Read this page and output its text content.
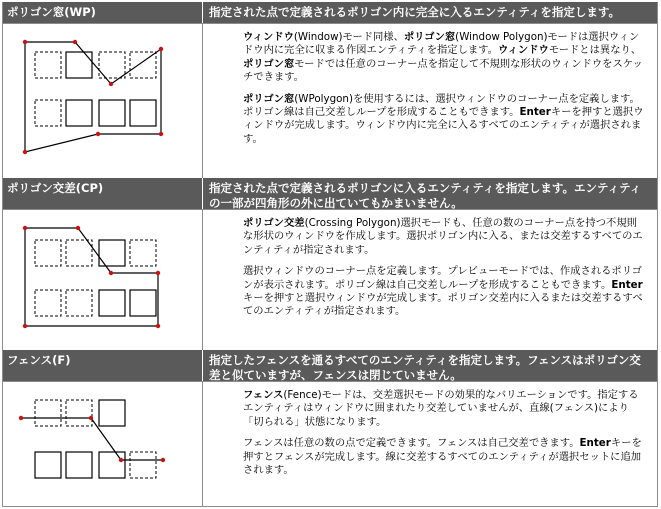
ポリゴン窓(WP)	指定された点で定義されるポリゴン内に完全に入るエンティティを指定します。

ウィンドウ(Window)モード同様、ポリゴン窓(Window Polygon)モードは選択ウィンドウ内に完全に収まる作図エンティティを指定します。ウィンドウモードとは異なり、ポリゴン窓モードでは任意のコーナー点を指定して不規則な形状のウィンドウをスケッチできます。

ポリゴン窓(WPolygon)を使用するには、選択ウィンドウのコーナー点を定義します。ポリゴン線は自己交差しループを形成することもできます。Enterキーを押すと選択ウィンドウが完成します。ウィンドウ内に完全に入るすべてのエンティティが選択されます。

ポリゴン交差(CP)	指定された点で定義されるポリゴンに入るエンティティを指定します。エンティティの一部が四角形の外に出ていてもかまいません。

ポリゴン交差(Crossing Polygon)選択モードも、任意の数のコーナー点を持つ不規則な形状のウィンドウを作成します。選択ポリゴン内に入る、または交差するすべてのエンティティが指定されます。

選択ウィンドウのコーナー点を定義します。プレビューモードでは、作成されるポリゴンが表示されます。ポリゴン線は自己交差しループを形成することもできます。Enterキーを押すと選択ウィンドウが完成します。ポリゴン交差内に入るまたは交差するすべてのエンティティが指定されます。

フェンス(F)	指定したフェンスを通るすべてのエンティティを指定します。フェンスはポリゴン交差と似ていますが、フェンスは閉じていません。

フェンス(Fence)モードは、交差選択モードの効果的なバリエーションです。指定するエンティティはウィンドウに囲まれたり交差していませんが、直線(フェンス)により「切られる」状態になります。

フェンスは任意の数の点で定義できます。フェンスは自己交差できます。Enterキーを押すとフェンスが完成します。線に交差するすべてのエンティティが選択セットに追加されます。
